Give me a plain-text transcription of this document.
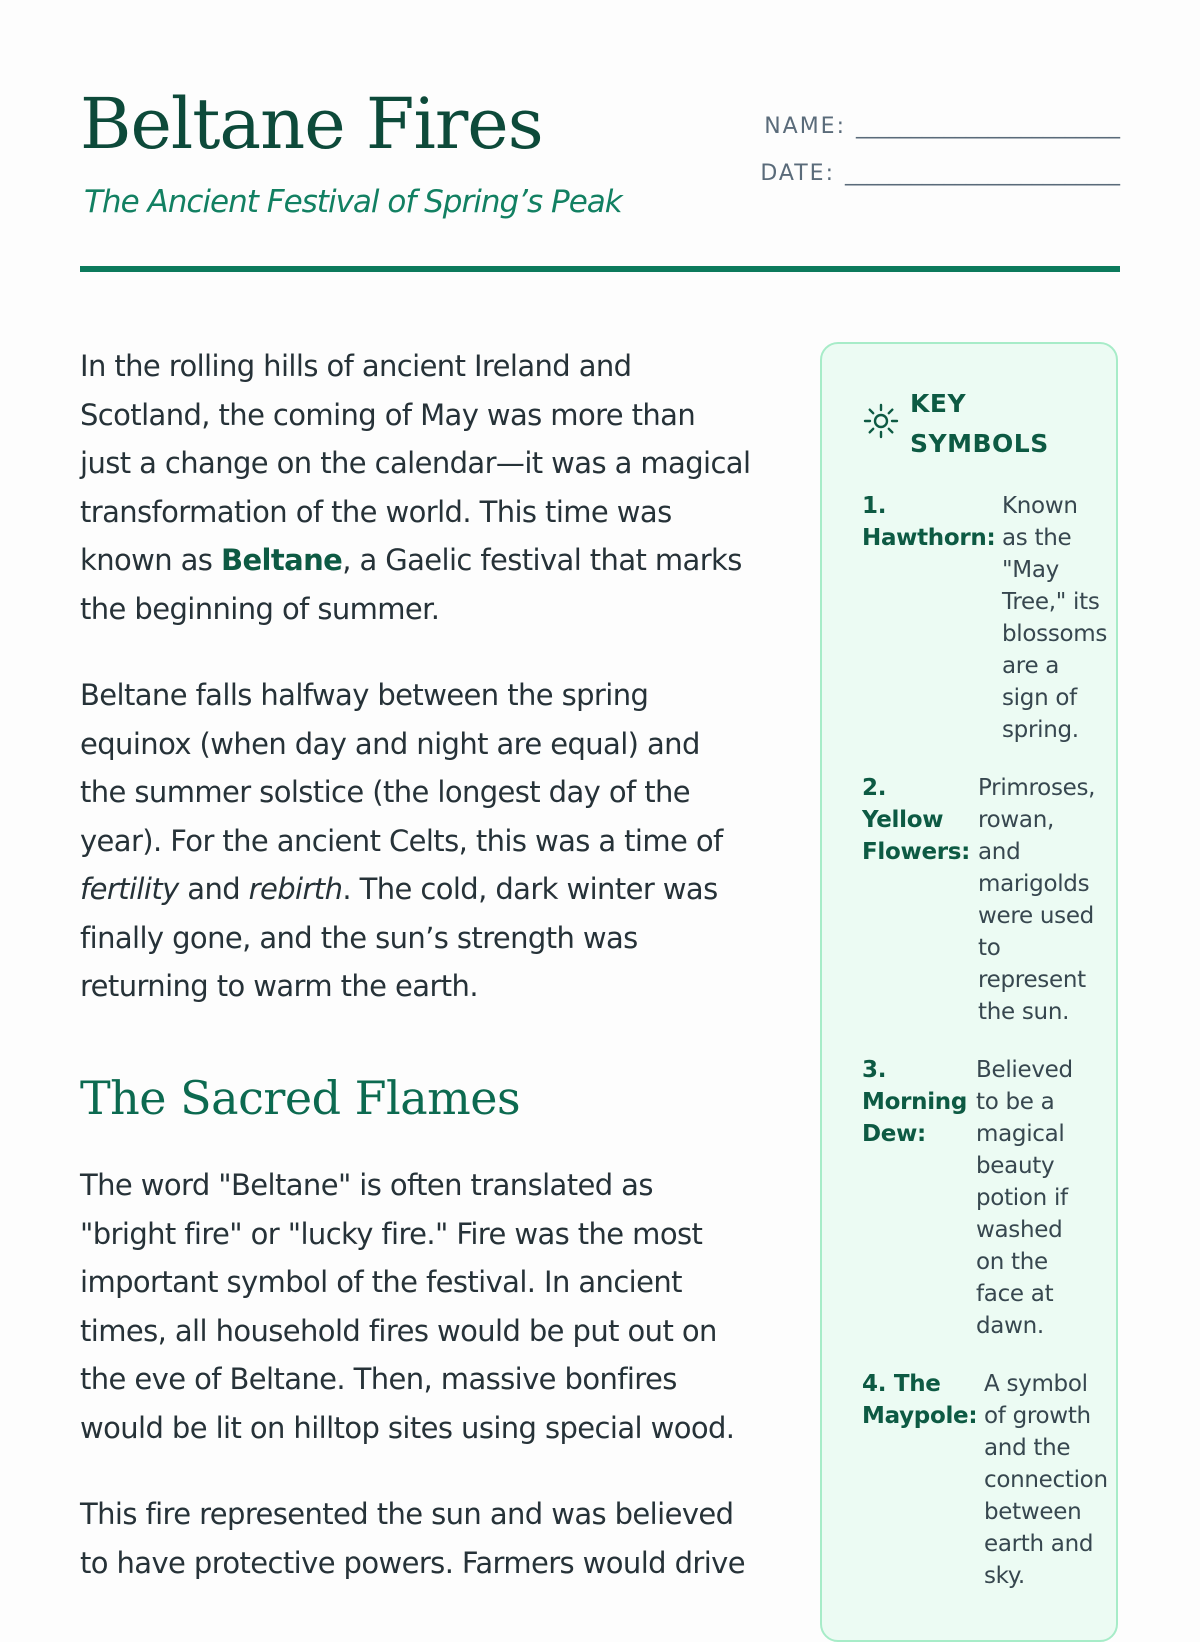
Beltane Fires
The Ancient Festival of Spring’s Peak
NAME: ________________________
DATE: _________________________

In the rolling hills of ancient Ireland and Scotland, the coming of May was more than just a change on the calendar—it was a magical transformation of the world. This time was known as Beltane, a Gaelic festival that marks the beginning of summer.

Beltane falls halfway between the spring equinox (when day and night are equal) and the summer solstice (the longest day of the year). For the ancient Celts, this was a time of fertility and rebirth. The cold, dark winter was finally gone, and the sun’s strength was returning to warm the earth.

The Sacred Flames

The word "Beltane" is often translated as "bright fire" or "lucky fire." Fire was the most important symbol of the festival. In ancient times, all household fires would be put out on the eve of Beltane. Then, massive bonfires would be lit on hilltop sites using special wood.

This fire represented the sun and was believed to have protective powers. Farmers would drive

KEY SYMBOLS
1. Hawthorn:
Known as the "May Tree," its blossoms are a sign of spring.
2. Yellow Flowers:
Primroses, rowan, and marigolds were used to represent the sun.
3. Morning Dew:
Believed to be a magical beauty potion if washed on the face at dawn.
4. The Maypole:
A symbol of growth and the connection between earth and sky.
